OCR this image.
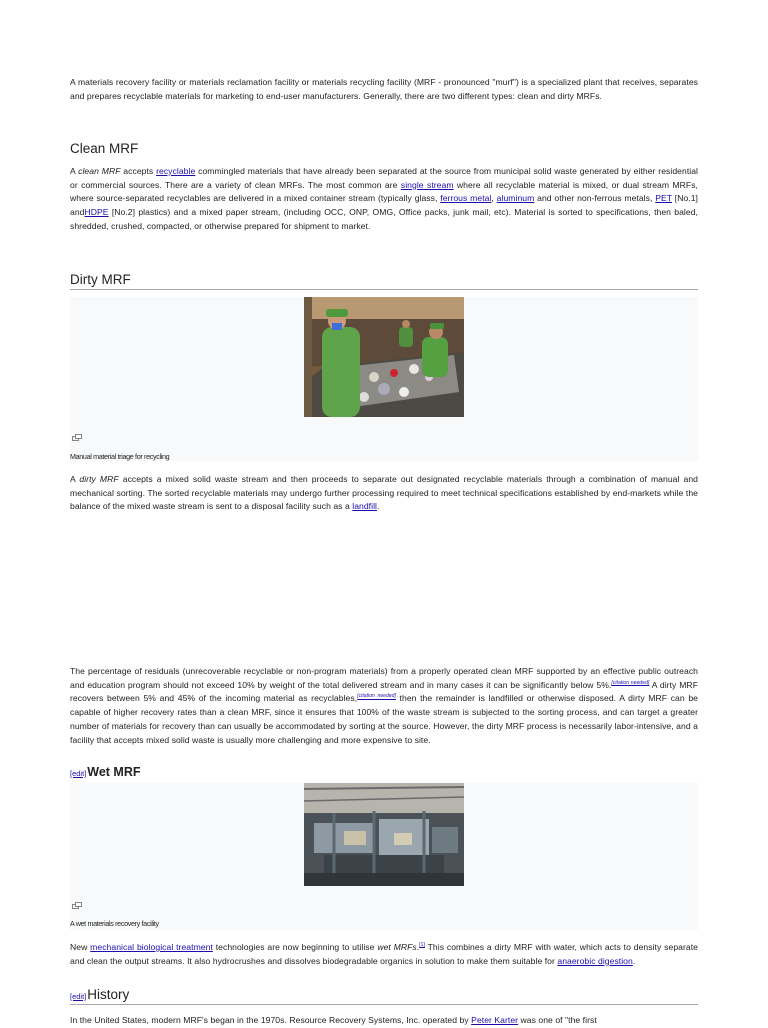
A materials recovery facility or materials reclamation facility or materials recycling facility (MRF - pronounced "murf") is a specialized plant that receives, separates and prepares recyclable materials for marketing to end-user manufacturers. Generally, there are two different types: clean and dirty MRFs.

Clean MRF

A clean MRF accepts recyclable commingled materials that have already been separated at the source from municipal solid waste generated by either residential or commercial sources. There are a variety of clean MRFs. The most common are single stream where all recyclable material is mixed, or dual stream MRFs, where source-separated recyclables are delivered in a mixed container stream (typically glass, ferrous metal, aluminum and other non-ferrous metals, PET [No.1] andHDPE [No.2] plastics) and a mixed paper stream, (including OCC, ONP, OMG, Office packs, junk mail, etc). Material is sorted to specifications, then baled, shredded, crushed, compacted, or otherwise prepared for shipment to market.

Dirty MRF
Manual material triage for recycling

A dirty MRF accepts a mixed solid waste stream and then proceeds to separate out designated recyclable materials through a combination of manual and mechanical sorting. The sorted recyclable materials may undergo further processing required to meet technical specifications established by end-markets while the balance of the mixed waste stream is sent to a disposal facility such as a landfill.

The percentage of residuals (unrecoverable recyclable or non-program materials) from a properly operated clean MRF supported by an effective public outreach and education program should not exceed 10% by weight of the total delivered stream and in many cases it can be significantly below 5%.[citation needed] A dirty MRF recovers between 5% and 45% of the incoming material as recyclables,[citation needed] then the remainder is landfilled or otherwise disposed. A dirty MRF can be capable of higher recovery rates than a clean MRF, since it ensures that 100% of the waste stream is subjected to the sorting process, and can target a greater number of materials for recovery than can usually be accommodated by sorting at the source. However, the dirty MRF process is necessarily labor-intensive, and a facility that accepts mixed solid waste is usually more challenging and more expensive to site.

[edit]Wet MRF
A wet materials recovery facility

New mechanical biological treatment technologies are now beginning to utilise wet MRFs.[1] This combines a dirty MRF with water, which acts to density separate and clean the output streams. It also hydrocrushes and dissolves biodegradable organics in solution to make them suitable for anaerobic digestion.

[edit]History

In the United States, modern MRF's began in the 1970s. Resource Recovery Systems, Inc. operated by Peter Karter was one of "the first
